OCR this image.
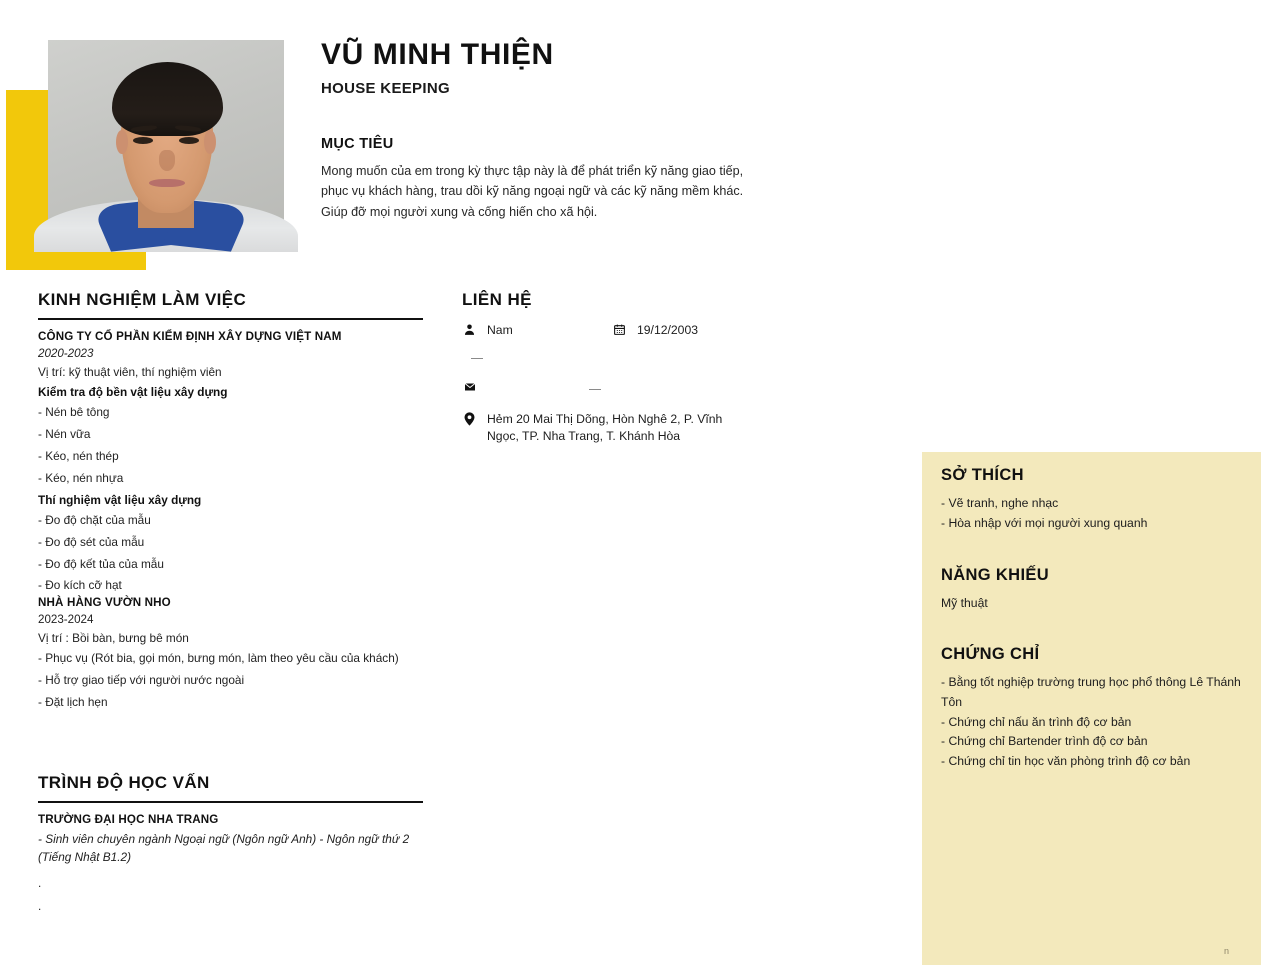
VŨ MINH THIỆN
HOUSE KEEPING
MỤC TIÊU
Mong muốn của em trong kỳ thực tập này là để phát triển kỹ năng giao tiếp, phục vụ khách hàng, trau dồi kỹ năng ngoại ngữ và các kỹ năng mềm khác. Giúp đỡ mọi người xung và cống hiến cho xã hội.
KINH NGHIỆM LÀM VIỆC
CÔNG TY CỔ PHẦN KIỂM ĐỊNH XÂY DỰNG VIỆT NAM
2020-2023
Vị trí: kỹ thuật viên, thí nghiệm viên
Kiểm tra độ bền vật liệu xây dựng
- Nén bê tông
- Nén vữa
- Kéo, nén thép
- Kéo, nén nhựa
Thí nghiệm vật liệu xây dựng
- Đo độ chặt của mẫu
- Đo độ sét của mẫu
- Đo độ kết tủa của mẫu
- Đo kích cỡ hạt
NHÀ HÀNG VƯỜN NHO
2023-2024
Vị trí : Bồi bàn, bưng bê món
- Phục vụ (Rót bia, gọi món, bưng món, làm theo yêu cầu của khách)
- Hỗ trợ giao tiếp với người nước ngoài
- Đặt lịch hẹn
TRÌNH ĐỘ HỌC VẤN
TRƯỜNG ĐẠI HỌC NHA TRANG
- Sinh viên chuyên ngành Ngoại ngữ (Ngôn ngữ Anh) - Ngôn ngữ thứ 2 (Tiếng Nhật B1.2)
.
.
LIÊN HỆ
Nam	19/12/2003
Hẻm 20 Mai Thị Dõng, Hòn Nghê 2, P. Vĩnh Ngọc, TP. Nha Trang, T. Khánh Hòa
SỞ THÍCH
- Vẽ tranh, nghe nhạc
- Hòa nhập với mọi người xung quanh
NĂNG KHIẾU
Mỹ thuật
CHỨNG CHỈ
- Bằng tốt nghiệp trường trung học phổ thông Lê Thánh Tôn
- Chứng chỉ nấu ăn trình độ cơ bản
- Chứng chỉ Bartender trình độ cơ bản
- Chứng chỉ tin học văn phòng trình độ cơ bản
n
